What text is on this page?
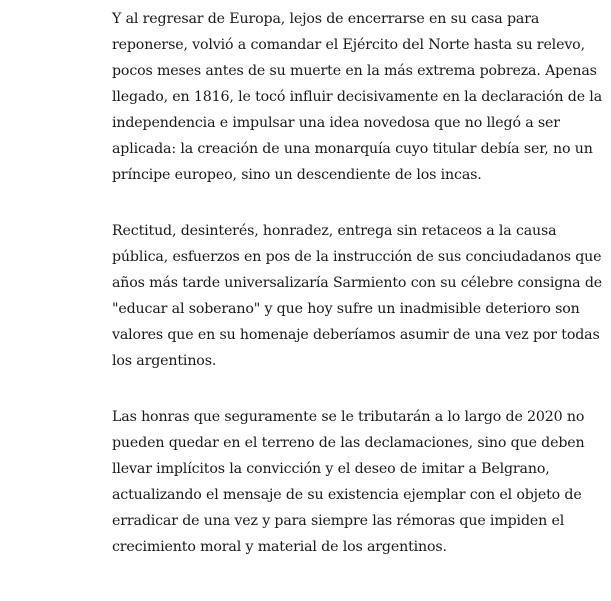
Y al regresar de Europa, lejos de encerrarse en su casa para reponerse, volvió a comandar el Ejército del Norte hasta su relevo, pocos meses antes de su muerte en la más extrema pobreza. Apenas llegado, en 1816, le tocó influir decisivamente en la declaración de la independencia e impulsar una idea novedosa que no llegó a ser aplicada: la creación de una monarquía cuyo titular debía ser, no un príncipe europeo, sino un descendiente de los incas.

Rectitud, desinterés, honradez, entrega sin retaceos a la causa pública, esfuerzos en pos de la instrucción de sus conciudadanos que años más tarde universalizaría Sarmiento con su célebre consigna de "educar al soberano" y que hoy sufre un inadmisible deterioro son valores que en su homenaje deberíamos asumir de una vez por todas los argentinos.

Las honras que seguramente se le tributarán a lo largo de 2020 no pueden quedar en el terreno de las declamaciones, sino que deben llevar implícitos la convicción y el deseo de imitar a Belgrano, actualizando el mensaje de su existencia ejemplar con el objeto de erradicar de una vez y para siempre las rémoras que impiden el crecimiento moral y material de los argentinos.
